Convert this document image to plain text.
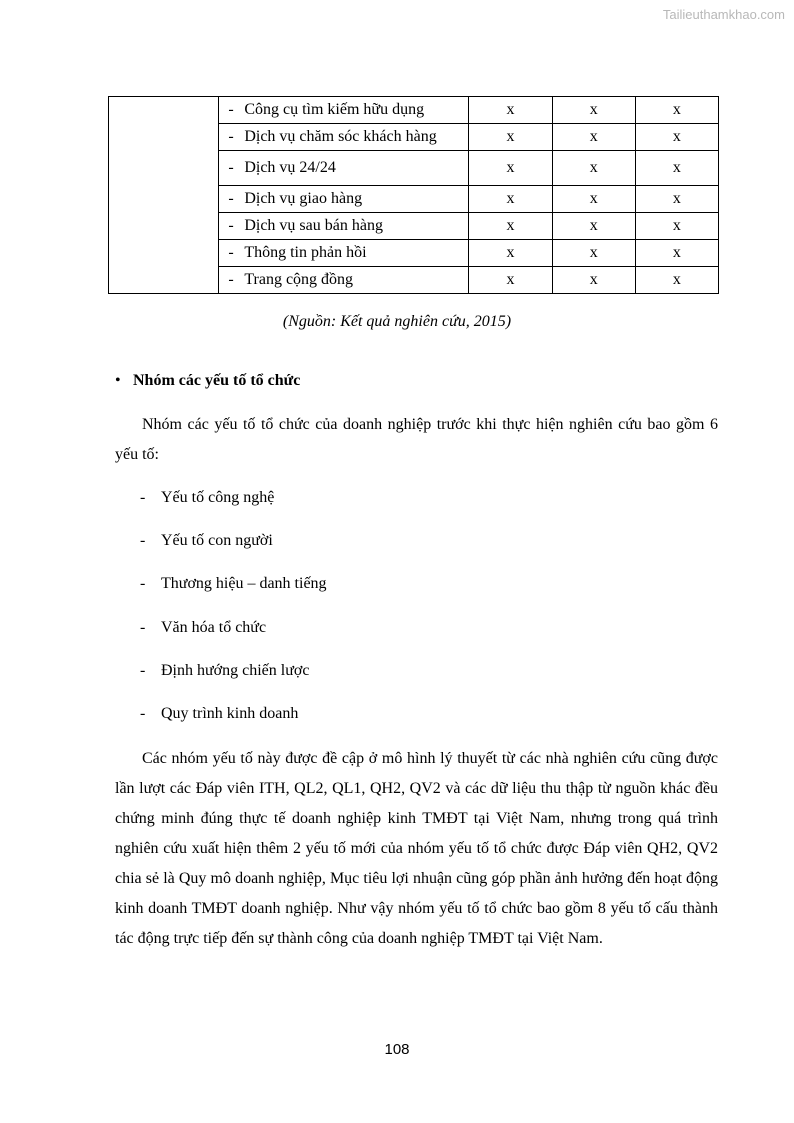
Tailieuthamkhao.com
	- Công cụ tìm kiếm hữu dụng	x	x	x
	- Dịch vụ chăm sóc khách hàng	x	x	x
	- Dịch vụ 24/24	x	x	x
	- Dịch vụ giao hàng	x	x	x
	- Dịch vụ sau bán hàng	x	x	x
	- Thông tin phản hồi	x	x	x
	- Trang cộng đồng	x	x	x
(Nguồn: Kết quả nghiên cứu, 2015)
• Nhóm các yếu tố tổ chức

Nhóm các yếu tố tổ chức của doanh nghiệp trước khi thực hiện nghiên cứu bao gồm 6 yếu tố:

- Yếu tố công nghệ
- Yếu tố con người
- Thương hiệu – danh tiếng
- Văn hóa tổ chức
- Định hướng chiến lược
- Quy trình kinh doanh

Các nhóm yếu tố này được đề cập ở mô hình lý thuyết từ các nhà nghiên cứu cũng được lần lượt các Đáp viên ITH, QL2, QL1, QH2, QV2 và các dữ liệu thu thập từ nguồn khác đều chứng minh đúng thực tế doanh nghiệp kinh TMĐT tại Việt Nam, nhưng trong quá trình nghiên cứu xuất hiện thêm 2 yếu tố mới của nhóm yếu tố tổ chức được Đáp viên QH2, QV2 chia sẻ là Quy mô doanh nghiệp, Mục tiêu lợi nhuận cũng góp phần ảnh hưởng đến hoạt động kinh doanh TMĐT doanh nghiệp. Như vậy nhóm yếu tố tổ chức bao gồm 8 yếu tố cấu thành tác động trực tiếp đến sự thành công của doanh nghiệp TMĐT tại Việt Nam.

108
